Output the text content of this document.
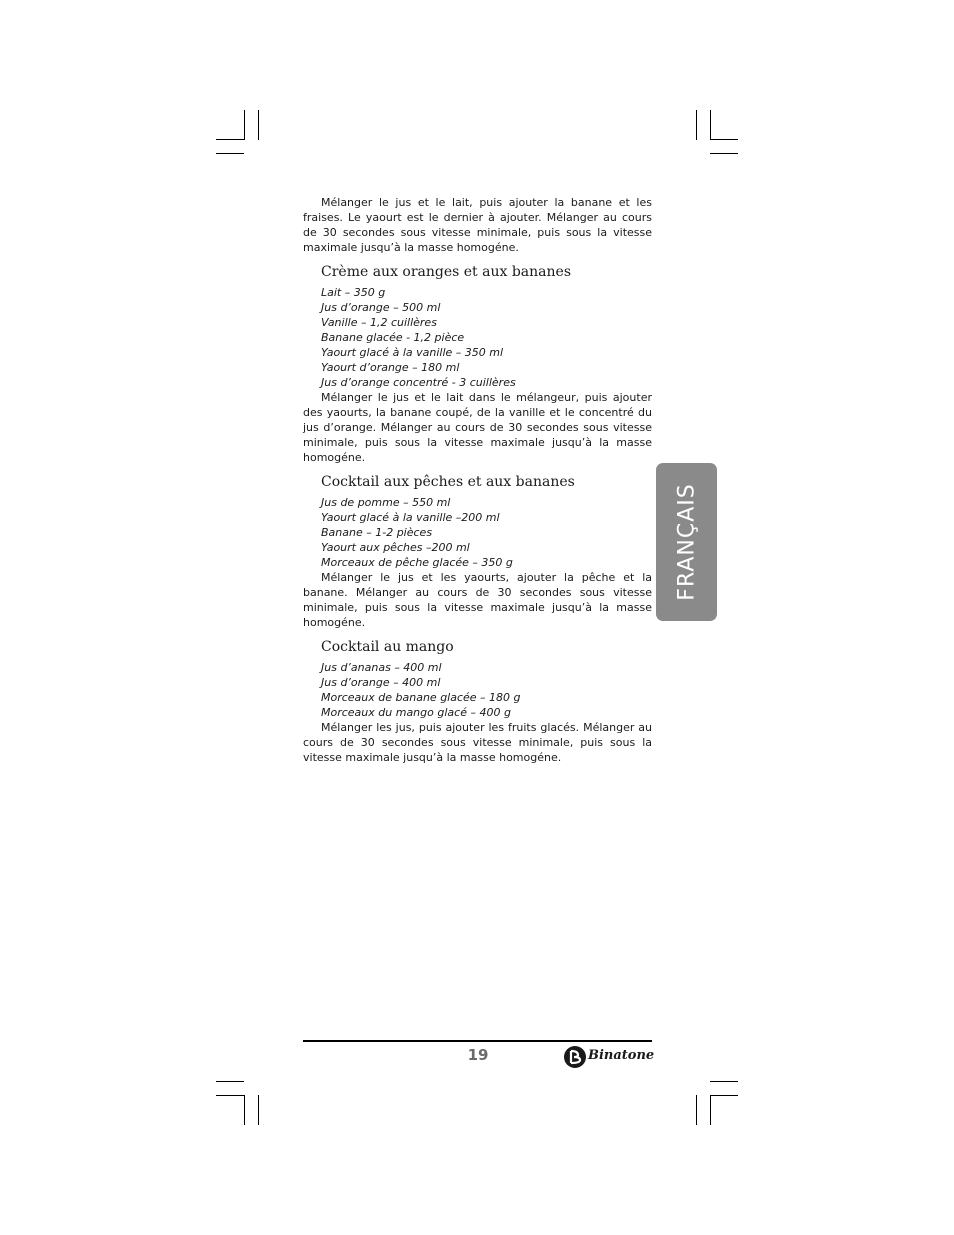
Mélanger le jus et le lait, puis ajouter la banane et les fraises. Le yaourt est le dernier à ajouter. Mélanger au cours de 30 secondes sous vitesse minimale, puis sous la vitesse maximale jusqu’à la masse homogéne.

Crème aux oranges et aux bananes
Lait – 350 g
Jus d’orange – 500 ml
Vanille – 1,2 cuillères
Banane glacée - 1,2 pièce
Yaourt glacé à la vanille – 350 ml
Yaourt d’orange – 180 ml
Jus d’orange concentré - 3 cuillères

Mélanger le jus et le lait dans le mélangeur, puis ajouter des yaourts, la banane coupé, de la vanille et le concentré du jus d’orange. Mélanger au cours de 30 secondes sous vitesse minimale, puis sous la vitesse maximale jusqu’à la masse homogéne.

Cocktail aux pêches et aux bananes
Jus de pomme – 550 ml
Yaourt glacé à la vanille –200 ml
Banane – 1-2 pièces
Yaourt aux pêches –200 ml
Morceaux de pêche glacée – 350 g

Mélanger le jus et les yaourts, ajouter la pêche et la banane. Mélanger au cours de 30 secondes sous vitesse minimale, puis sous la vitesse maximale jusqu’à la masse homogéne.

Cocktail au mango
Jus d’ananas – 400 ml
Jus d’orange – 400 ml
Morceaux de banane glacée – 180 g
Morceaux du mango glacé – 400 g

Mélanger les jus, puis ajouter les fruits glacés. Mélanger au cours de 30 secondes sous vitesse minimale, puis sous la vitesse maximale jusqu’à la masse homogéne.

FRANÇAIS
19	Binatone
